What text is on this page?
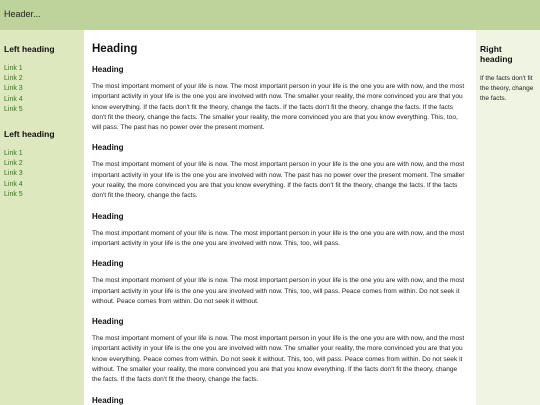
Header...
Left heading
Link 1
Link 2
Link 3
Link 4
Link 5
Left heading
Link 1
Link 2
Link 3
Link 4
Link 5
Heading
Heading

The most important moment of your life is now. The most important person in your life is the one you are with now, and the most important activity in your life is the one you are involved with now. The smaller your reality, the more convinced you are that you know everything. If the facts don't fit the theory, change the facts. If the facts don't fit the theory, change the facts. If the facts don't fit the theory, change the facts. The smaller your reality, the more convinced you are that you know everything. This, too, will pass. The past has no power over the present moment.

Heading

The most important moment of your life is now. The most important person in your life is the one you are with now, and the most important activity in your life is the one you are involved with now. The past has no power over the present moment. The smaller your reality, the more convinced you are that you know everything. If the facts don't fit the theory, change the facts. If the facts don't fit the theory, change the facts.

Heading

The most important moment of your life is now. The most important person in your life is the one you are with now, and the most important activity in your life is the one you are involved with now. This, too, will pass.

Heading

The most important moment of your life is now. The most important person in your life is the one you are with now, and the most important activity in your life is the one you are involved with now. This, too, will pass. Peace comes from within. Do not seek it without. Peace comes from within. Do not seek it without.

Heading

The most important moment of your life is now. The most important person in your life is the one you are with now, and the most important activity in your life is the one you are involved with now. The smaller your reality, the more convinced you are that you know everything. Peace comes from within. Do not seek it without. This, too, will pass. Peace comes from within. Do not seek it without. The smaller your reality, the more convinced you are that you know everything. If the facts don't fit the theory, change the facts. If the facts don't fit the theory, change the facts.

Heading

Right heading

If the facts don't fit the theory, change the facts.
